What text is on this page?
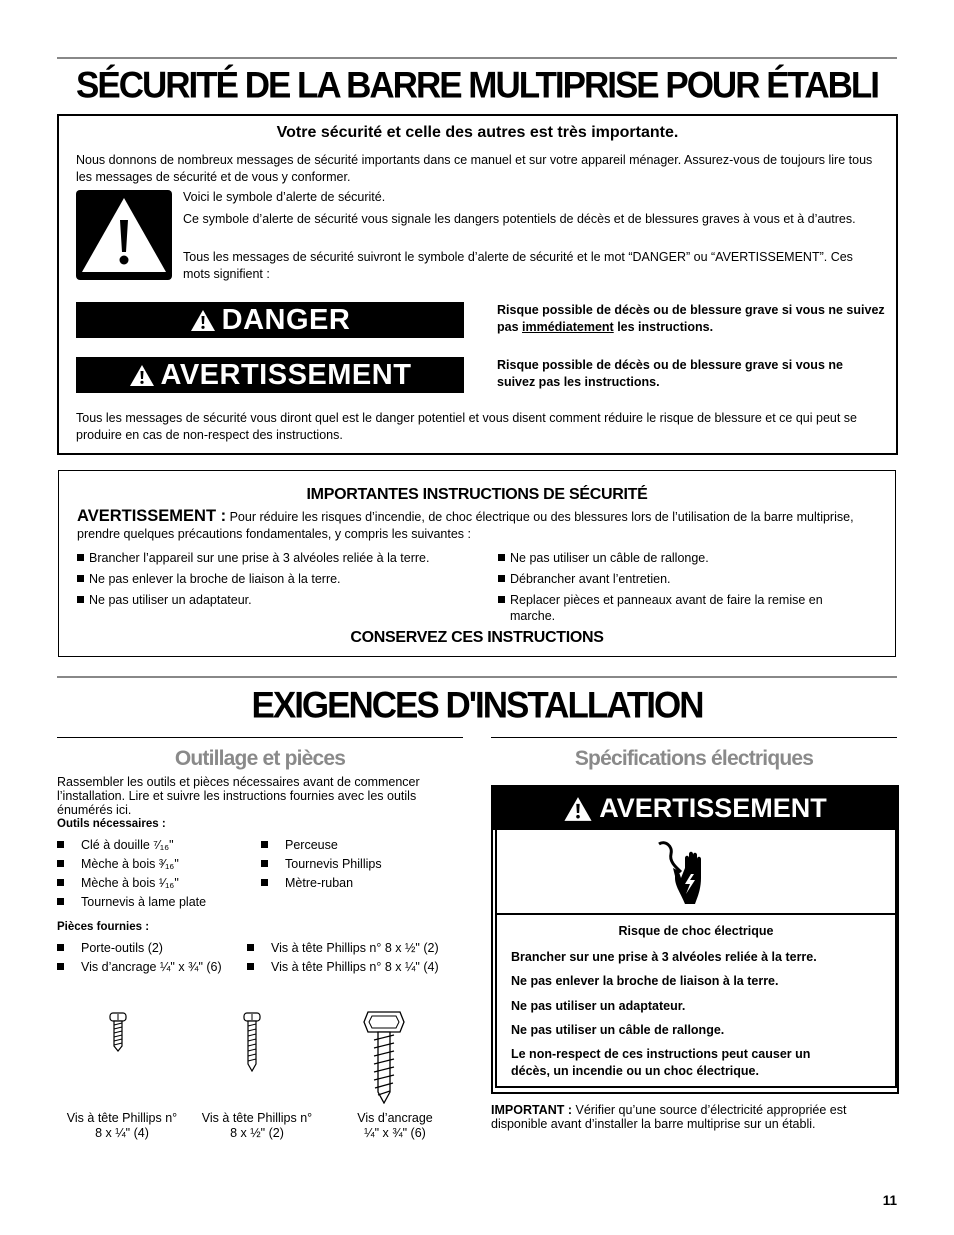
SÉCURITÉ DE LA BARRE MULTIPRISE POUR ÉTABLI
Votre sécurité et celle des autres est très importante.
Nous donnons de nombreux messages de sécurité importants dans ce manuel et sur votre appareil ménager. Assurez-vous de toujours lire tous les messages de sécurité et de vous y conformer.
Voici le symbole d’alerte de sécurité.
Ce symbole d’alerte de sécurité vous signale les dangers potentiels de décès et de blessures graves à vous et à d’autres.
Tous les messages de sécurité suivront le symbole d’alerte de sécurité et le mot “DANGER” ou “AVERTISSEMENT”. Ces mots signifient :
DANGER	Risque possible de décès ou de blessure grave si vous ne suivez pas immédiatement les instructions.
AVERTISSEMENT	Risque possible de décès ou de blessure grave si vous ne suivez pas les instructions.
Tous les messages de sécurité vous diront quel est le danger potentiel et vous disent comment réduire le risque de blessure et ce qui peut se produire en cas de non-respect des instructions.
IMPORTANTES INSTRUCTIONS DE SÉCURITÉ
AVERTISSEMENT : Pour réduire les risques d’incendie, de choc électrique ou des blessures lors de l’utilisation de la barre multiprise, prendre quelques précautions fondamentales, y compris les suivantes :
Brancher l’appareil sur une prise à 3 alvéoles reliée à la terre.
Ne pas enlever la broche de liaison à la terre.
Ne pas utiliser un adaptateur.
Ne pas utiliser un câble de rallonge.
Débrancher avant l’entretien.
Replacer pièces et panneaux avant de faire la remise en marche.
CONSERVEZ CES INSTRUCTIONS
EXIGENCES D'INSTALLATION
Outillage et pièces
Rassembler les outils et pièces nécessaires avant de commencer l’installation. Lire et suivre les instructions fournies avec les outils énumérés ici.
Outils nécessaires :
Clé à douille ⁷⁄₁₆"
Mèche à bois ³⁄₁₆"
Mèche à bois ¹⁄₁₆"
Tournevis à lame plate
Perceuse
Tournevis Phillips
Mètre-ruban
Pièces fournies :
Porte-outils (2)
Vis d’ancrage ¼" x ¾" (6)
Vis à tête Phillips n° 8 x ½" (2)
Vis à tête Phillips n° 8 x ¼" (4)
Vis à tête Phillips n°
8 x ¼" (4)
Vis à tête Phillips n°
8 x ½" (2)
Vis d’ancrage
¼" x ¾" (6)
Spécifications électriques
AVERTISSEMENT
Risque de choc électrique
Brancher sur une prise à 3 alvéoles reliée à la terre.
Ne pas enlever la broche de liaison à la terre.
Ne pas utiliser un adaptateur.
Ne pas utiliser un câble de rallonge.
Le non-respect de ces instructions peut causer un décès, un incendie ou un choc électrique.
IMPORTANT : Vérifier qu’une source d’électricité appropriée est disponible avant d’installer la barre multiprise sur un établi.
11
